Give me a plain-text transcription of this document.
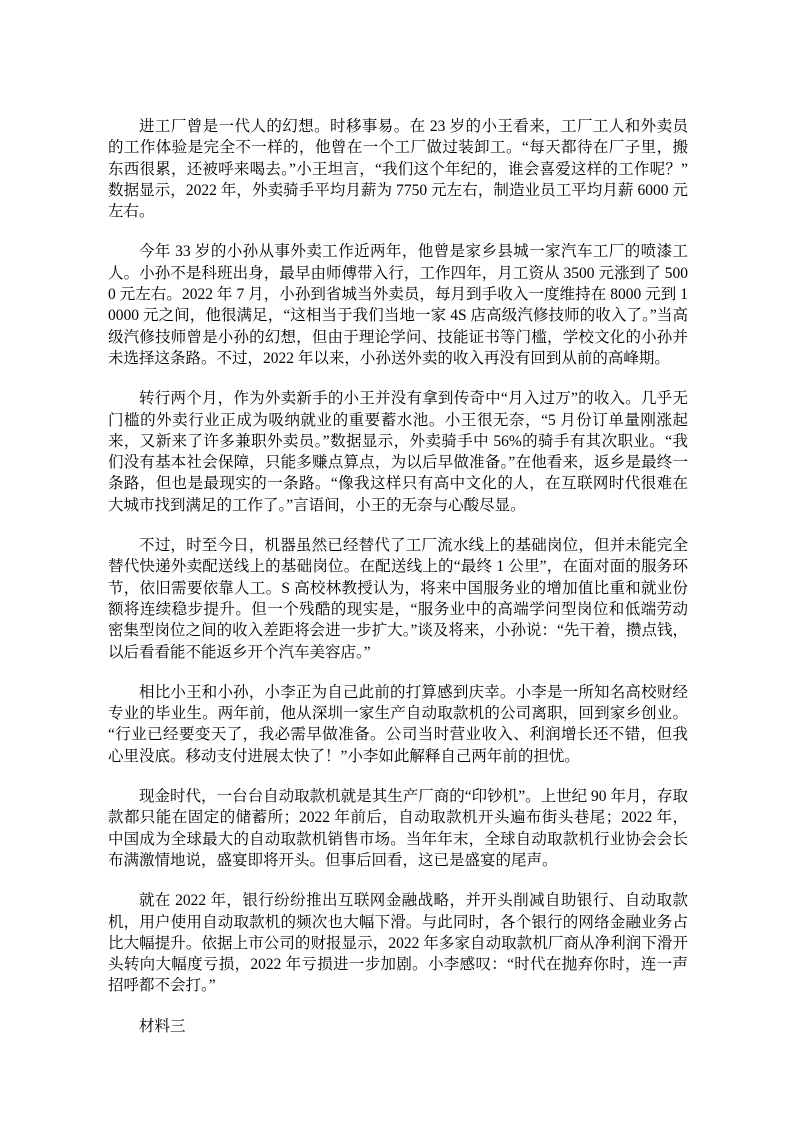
进工厂曾是一代人的幻想。时移事易。在 23 岁的小王看来，工厂工人和外卖员的工作体验是完全不一样的，他曾在一个工厂做过装卸工。“每天都待在厂子里，搬东西很累，还被呼来喝去。”小王坦言，“我们这个年纪的，谁会喜爱这样的工作呢？”数据显示，2022 年，外卖骑手平均月薪为 7750 元左右，制造业员工平均月薪 6000 元左右。

今年 33 岁的小孙从事外卖工作近两年，他曾是家乡县城一家汽车工厂的喷漆工人。小孙不是科班出身，最早由师傅带入行，工作四年，月工资从 3500 元涨到了 5000 元左右。2022 年 7 月，小孙到省城当外卖员，每月到手收入一度维持在 8000 元到 10000 元之间，他很满足，“这相当于我们当地一家 4S 店高级汽修技师的收入了。”当高级汽修技师曾是小孙的幻想，但由于理论学问、技能证书等门槛，学校文化的小孙并未选择这条路。不过，2022 年以来，小孙送外卖的收入再没有回到从前的高峰期。

转行两个月，作为外卖新手的小王并没有拿到传奇中“月入过万”的收入。几乎无门槛的外卖行业正成为吸纳就业的重要蓄水池。小王很无奈，“5 月份订单量刚涨起来，又新来了许多兼职外卖员。”数据显示，外卖骑手中 56%的骑手有其次职业。“我们没有基本社会保障，只能多赚点算点，为以后早做准备。”在他看来，返乡是最终一条路，但也是最现实的一条路。“像我这样只有高中文化的人，在互联网时代很难在大城市找到满足的工作了。”言语间，小王的无奈与心酸尽显。

不过，时至今日，机器虽然已经替代了工厂流水线上的基础岗位，但并未能完全替代快递外卖配送线上的基础岗位。在配送线上的“最终 1 公里”，在面对面的服务环节，依旧需要依靠人工。S 高校林教授认为，将来中国服务业的增加值比重和就业份额将连续稳步提升。但一个残酷的现实是，“服务业中的高端学问型岗位和低端劳动密集型岗位之间的收入差距将会进一步扩大。”谈及将来，小孙说：“先干着，攒点钱，以后看看能不能返乡开个汽车美容店。”

相比小王和小孙，小李正为自己此前的打算感到庆幸。小李是一所知名高校财经专业的毕业生。两年前，他从深圳一家生产自动取款机的公司离职，回到家乡创业。“行业已经要变天了，我必需早做准备。公司当时营业收入、利润增长还不错，但我心里没底。移动支付进展太快了！”小李如此解释自己两年前的担忧。

现金时代，一台台自动取款机就是其生产厂商的“印钞机”。上世纪 90 年月，存取款都只能在固定的储蓄所；2022 年前后，自动取款机开头遍布街头巷尾；2022 年，中国成为全球最大的自动取款机销售市场。当年年末，全球自动取款机行业协会会长布满激情地说，盛宴即将开头。但事后回看，这已是盛宴的尾声。

就在 2022 年，银行纷纷推出互联网金融战略，并开头削减自助银行、自动取款机，用户使用自动取款机的频次也大幅下滑。与此同时，各个银行的网络金融业务占比大幅提升。依据上市公司的财报显示，2022 年多家自动取款机厂商从净利润下滑开头转向大幅度亏损，2022 年亏损进一步加剧。小李感叹：“时代在抛弃你时，连一声招呼都不会打。”

材料三
